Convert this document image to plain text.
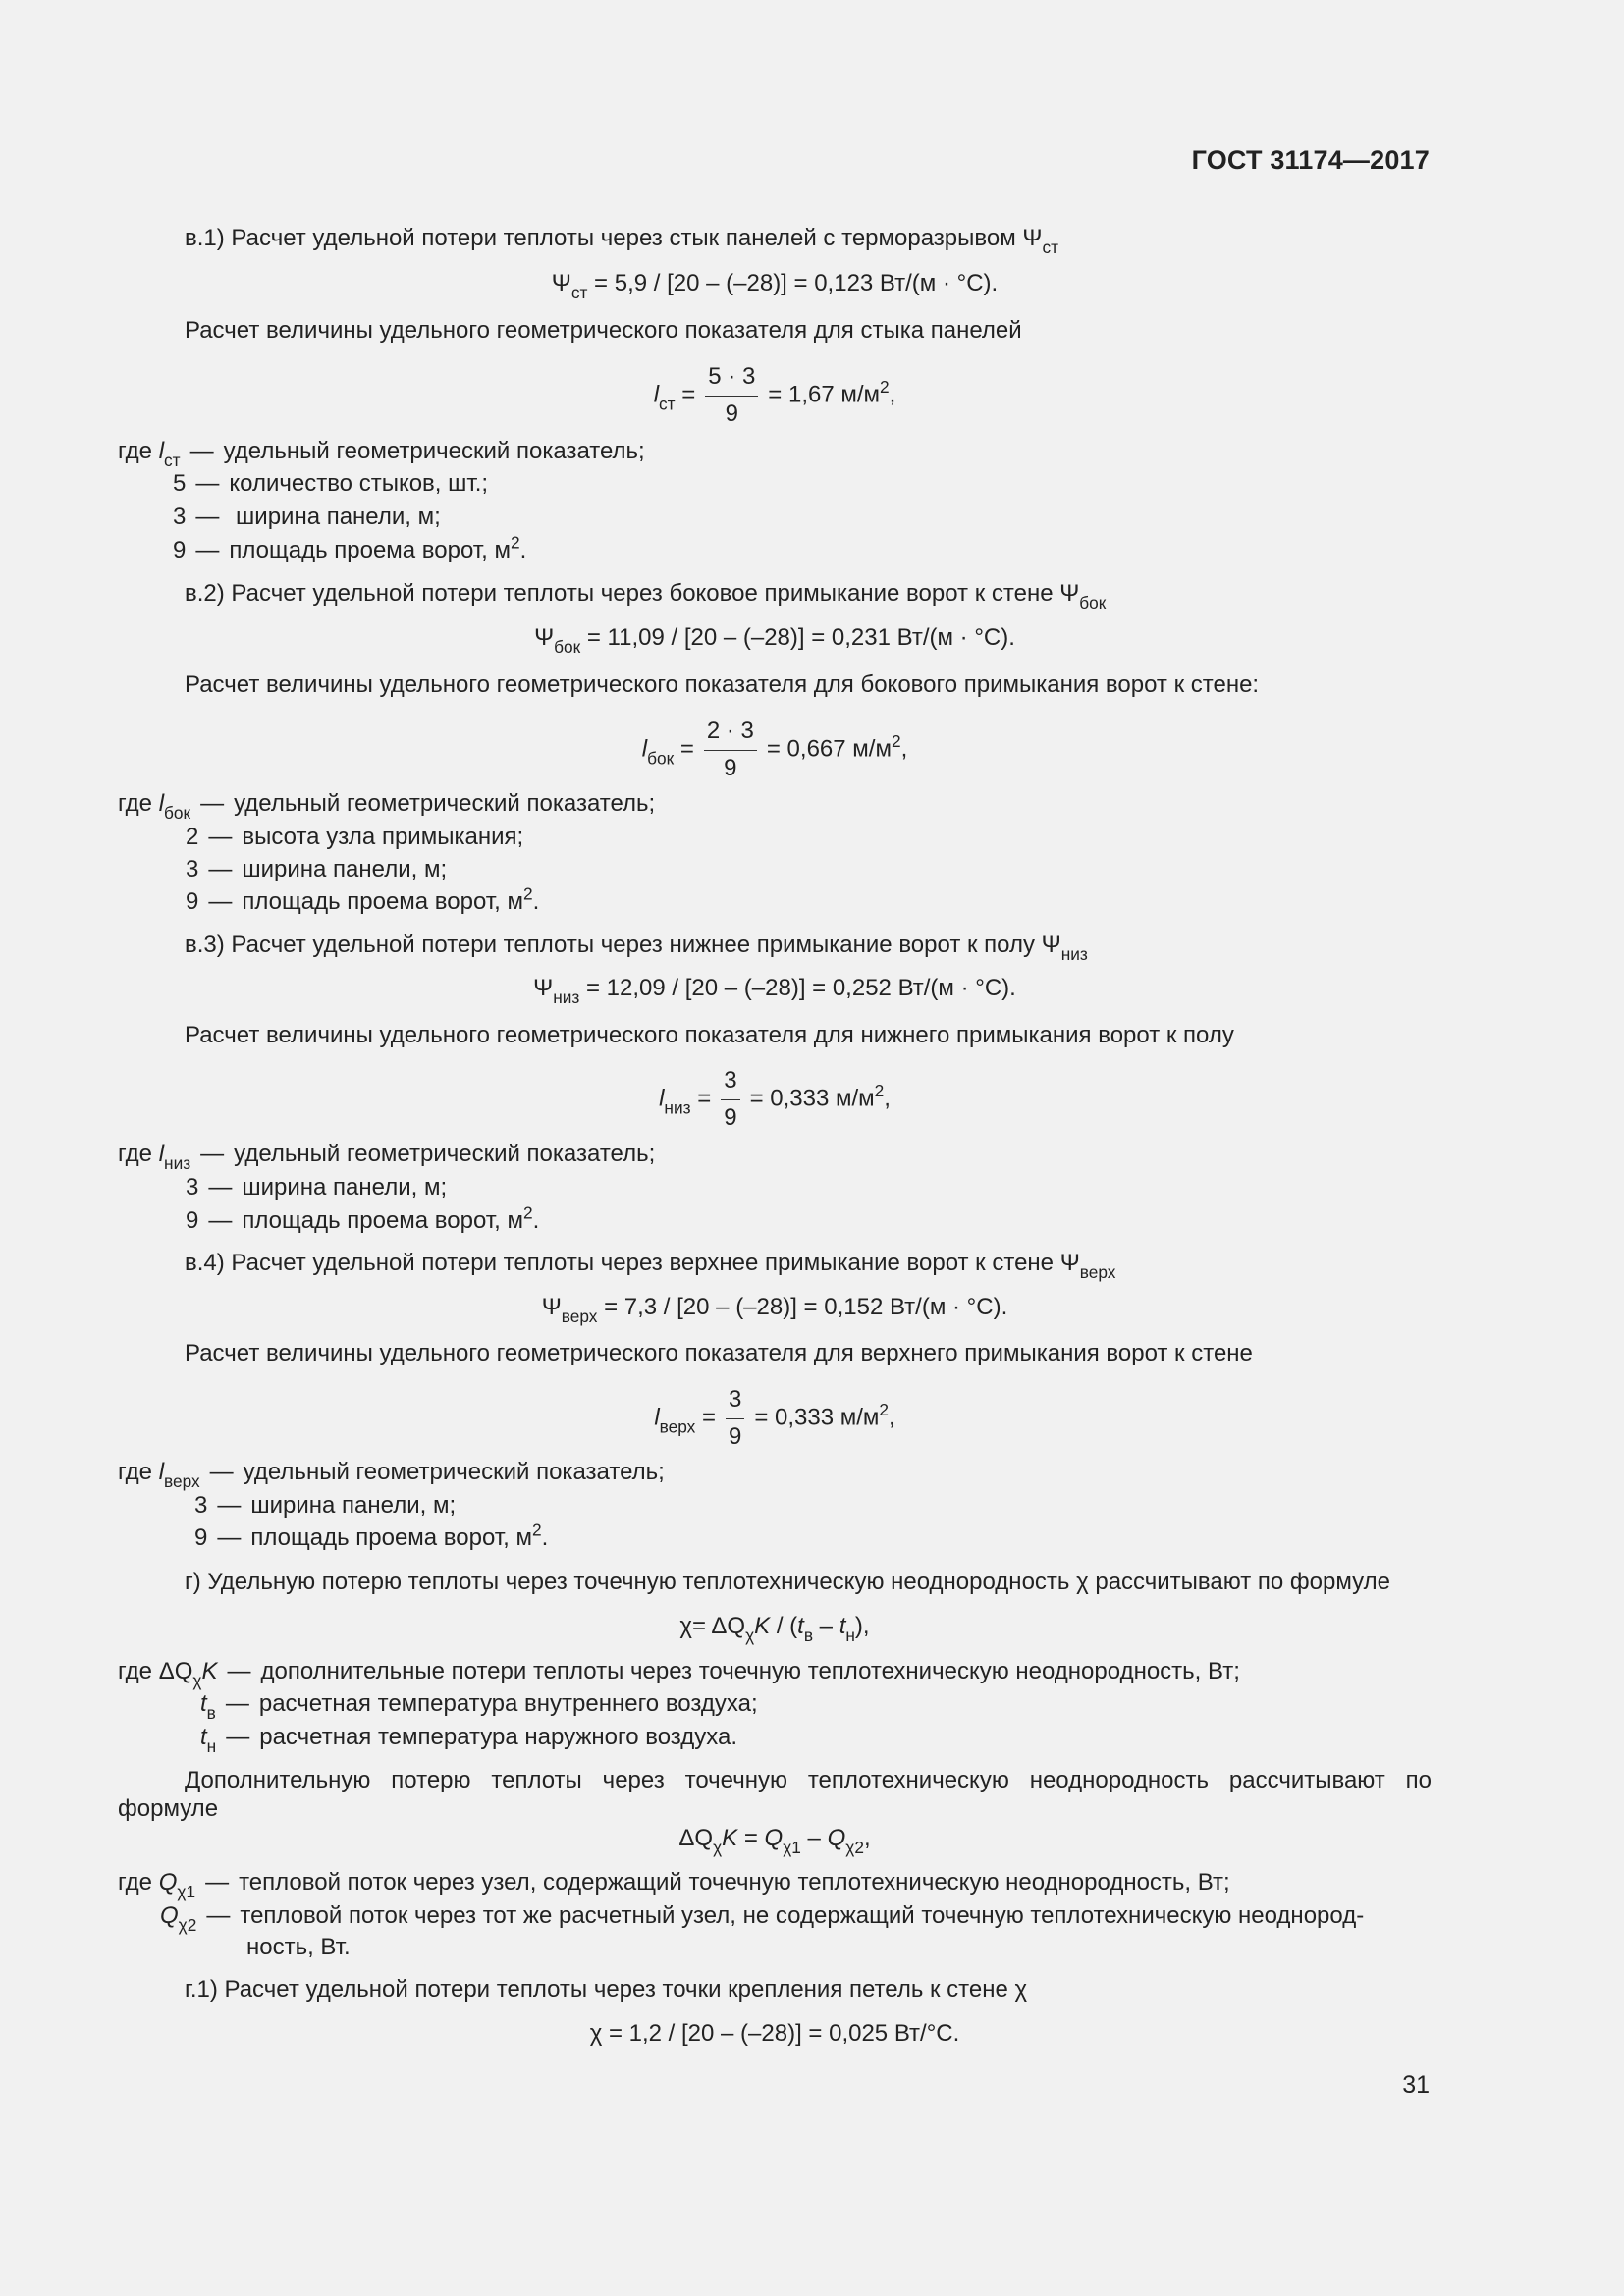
ГОСТ 31174—2017
в.1) Расчет удельной потери теплоты через стык панелей с терморазрывом $\Psi_{ст}$
$\Psi_{ст} = 5,9 / [20 - (-28)] = 0,123$ Вт/(м · °С).
Расчет величины удельного геометрического показателя для стыка панелей
$l_{ст} = \frac{5 \cdot 3}{9} = 1,67$ $м/м^2$,
где $l_{ст}$ — удельный геометрический показатель;
5 — количество стыков, шт.;
3 — ширина панели, м;
9 — площадь проема ворот, $м^2$.
в.2) Расчет удельной потери теплоты через боковое примыкание ворот к стене $\Psi_{бок}$
$\Psi_{бок} = 11,09 / [20 - (-28)] = 0,231$ Вт/(м · °С).
Расчет величины удельного геометрического показателя для бокового примыкания ворот к стене:
$l_{бок} = \frac{2 \cdot 3}{9} = 0,667$ $м/м^2$,
где $l_{бок}$ — удельный геометрический показатель;
2 — высота узла примыкания;
3 — ширина панели, м;
9 — площадь проема ворот, $м^2$.
в.3) Расчет удельной потери теплоты через нижнее примыкание ворот к полу $\Psi_{низ}$
$\Psi_{низ} = 12,09 / [20 - (-28)] = 0,252$ Вт/(м · °С).
Расчет величины удельного геометрического показателя для нижнего примыкания ворот к полу
$l_{низ} = \frac{3}{9} = 0,333$ $м/м^2$,
где $l_{низ}$ — удельный геометрический показатель;
3 — ширина панели, м;
9 — площадь проема ворот, $м^2$.
в.4) Расчет удельной потери теплоты через верхнее примыкание ворот к стене $\Psi_{верх}$
$\Psi_{верх} = 7,3 / [20 - (-28)] = 0,152$ Вт/(м · °С).
Расчет величины удельного геометрического показателя для верхнего примыкания ворот к стене
$l_{верх} = \frac{3}{9} = 0,333$ $м/м^2$,
где $l_{верх}$ — удельный геометрический показатель;
3 — ширина панели, м;
9 — площадь проема ворот, $м^2$.
г) Удельную потерю теплоты через точечную теплотехническую неоднородность χ рассчитывают по формуле
$\chi= \Delta Q_\chi K / (t_в - t_н)$,
где $\Delta Q_\chi K$ — дополнительные потери теплоты через точечную теплотехническую неоднородность, Вт;
$t_в$ — расчетная температура внутреннего воздуха;
$t_н$ — расчетная температура наружного воздуха.
Дополнительную потерю теплоты через точечную теплотехническую неоднородность рассчитывают по
формуле
$\Delta Q_\chi K = Q_{\chi 1} - Q_{\chi 2}$,
где $Q_{\chi 1}$ — тепловой поток через узел, содержащий точечную теплотехническую неоднородность, Вт;
$Q_{\chi 2}$ — тепловой поток через тот же расчетный узел, не содержащий точечную теплотехническую неоднород-
ность, Вт.
г.1) Расчет удельной потери теплоты через точки крепления петель к стене χ
χ = 1,2 / [20 – (–28)] = 0,025 Вт/°С.
31
